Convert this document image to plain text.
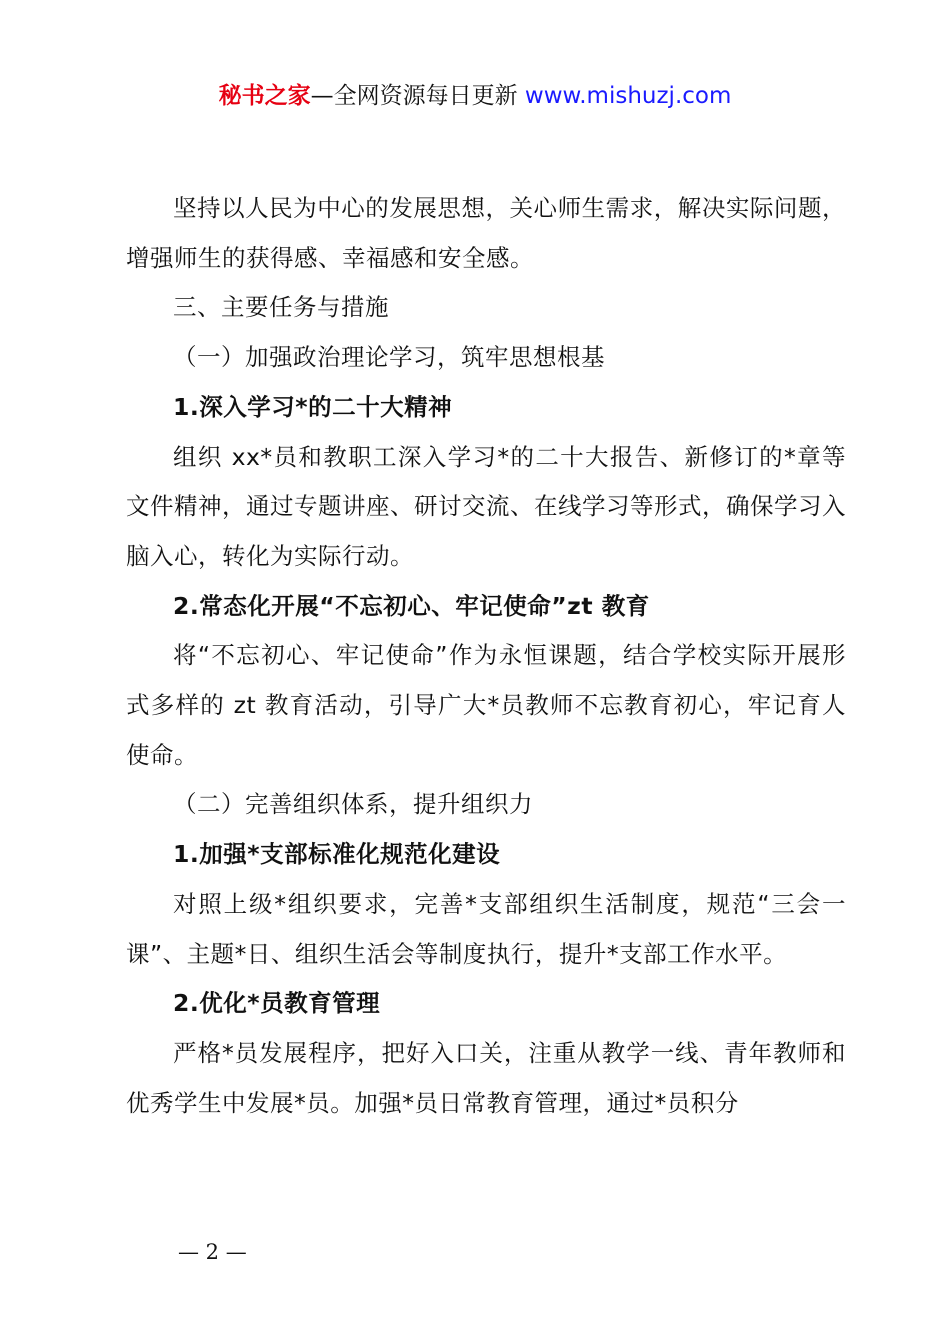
秘书之家—全网资源每日更新 www.mishuzj.com

坚持以人民为中心的发展思想，关心师生需求，解决实际问题，增强师生的获得感、幸福感和安全感。

三、主要任务与措施

（一）加强政治理论学习，筑牢思想根基

1.深入学习*的二十大精神

组织 xx*员和教职工深入学习*的二十大报告、新修订的*章等文件精神，通过专题讲座、研讨交流、在线学习等形式，确保学习入脑入心，转化为实际行动。

2.常态化开展“不忘初心、牢记使命”zt 教育

将“不忘初心、牢记使命”作为永恒课题，结合学校实际开展形式多样的 zt 教育活动，引导广大*员教师不忘教育初心，牢记育人使命。

（二）完善组织体系，提升组织力

1.加强*支部标准化规范化建设

对照上级*组织要求，完善*支部组织生活制度，规范“三会一课”、主题*日、组织生活会等制度执行，提升*支部工作水平。

2.优化*员教育管理

严格*员发展程序，把好入口关，注重从教学一线、青年教师和优秀学生中发展*员。加强*员日常教育管理，通过*员积分

— 2 —
